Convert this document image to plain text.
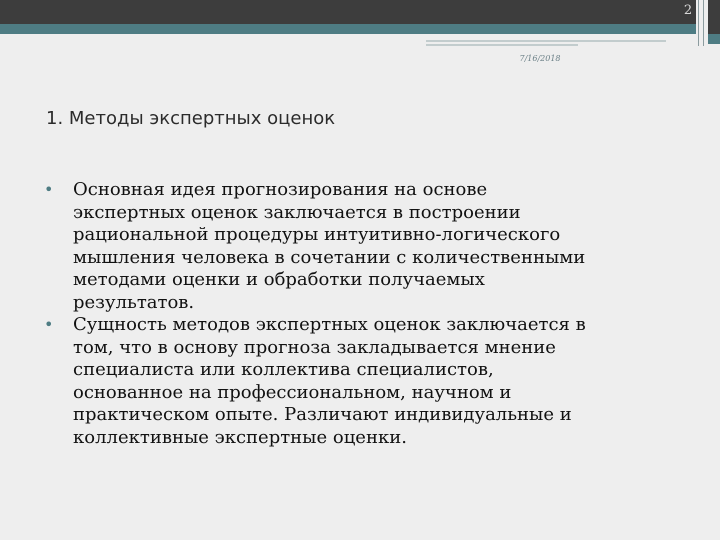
2
7/16/2018
1. Методы экспертных оценок
• Основная идея прогнозирования на основе
экспертных оценок заключается в построении
рациональной процедуры интуитивно-логического
мышления человека в сочетании с количественными
методами оценки и обработки получаемых
результатов.
• Сущность методов экспертных оценок заключается в
том, что в основу прогноза закладывается мнение
специалиста или коллектива специалистов,
основанное на профессиональном, научном и
практическом опыте. Различают индивидуальные и
коллективные экспертные оценки.
